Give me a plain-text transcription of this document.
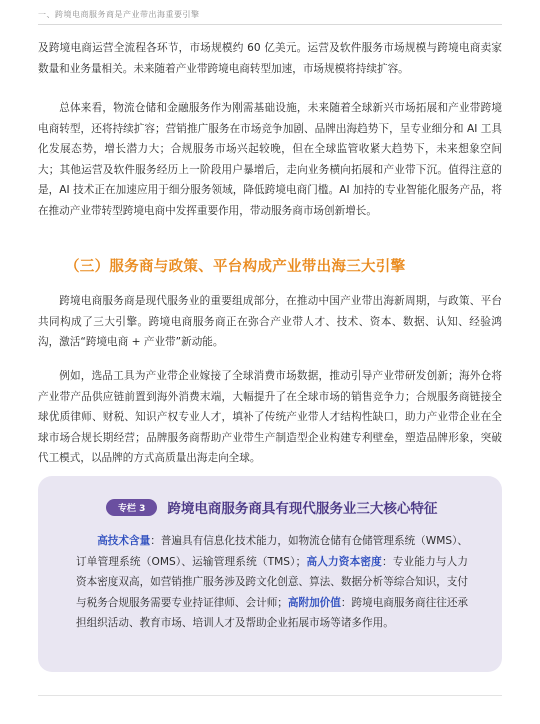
一、跨境电商服务商是产业带出海重要引擎

及跨境电商运营全流程各环节，市场规模约 60 亿美元。运营及软件服务市场规模与跨境电商卖家数量和业务量相关。未来随着产业带跨境电商转型加速，市场规模将持续扩容。

总体来看，物流仓储和金融服务作为刚需基础设施，未来随着全球新兴市场拓展和产业带跨境电商转型，还将持续扩容；营销推广服务在市场竞争加剧、品牌出海趋势下，呈专业细分和 AI 工具化发展态势，增长潜力大；合规服务市场兴起较晚，但在全球监管收紧大趋势下，未来想象空间大；其他运营及软件服务经历上一阶段用户暴增后，走向业务横向拓展和产业带下沉。值得注意的是，AI 技术正在加速应用于细分服务领域，降低跨境电商门槛。AI 加持的专业智能化服务产品，将在推动产业带转型跨境电商中发挥重要作用，带动服务商市场创新增长。

（三）服务商与政策、平台构成产业带出海三大引擎

跨境电商服务商是现代服务业的重要组成部分，在推动中国产业带出海新周期，与政策、平台共同构成了三大引擎。跨境电商服务商正在弥合产业带人才、技术、资本、数据、认知、经验鸿沟，激活“跨境电商 + 产业带”新动能。

例如，选品工具为产业带企业嫁接了全球消费市场数据，推动引导产业带研发创新；海外仓将产业带产品供应链前置到海外消费末端，大幅提升了在全球市场的销售竞争力；合规服务商链接全球优质律师、财税、知识产权专业人才，填补了传统产业带人才结构性缺口，助力产业带企业在全球市场合规长期经营；品牌服务商帮助产业带生产制造型企业构建专利壁垒，塑造品牌形象，突破代工模式，以品牌的方式高质量出海走向全球。

专栏 3	跨境电商服务商具有现代服务业三大核心特征

高技术含量：普遍具有信息化技术能力，如物流仓储有仓储管理系统（WMS）、订单管理系统（OMS）、运输管理系统（TMS）；高人力资本密度：专业能力与人力资本密度双高，如营销推广服务涉及跨文化创意、算法、数据分析等综合知识，支付与税务合规服务需要专业持证律师、会计师；高附加价值：跨境电商服务商往往还承担组织活动、教育市场、培训人才及帮助企业拓展市场等诸多作用。
